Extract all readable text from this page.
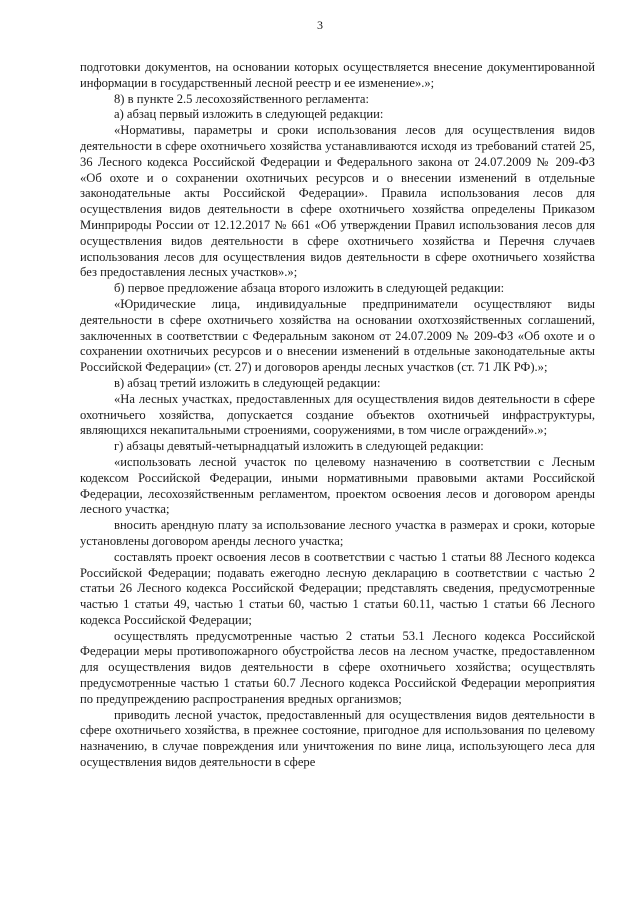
3

подготовки документов, на основании которых осуществляется внесение документированной информации в государственный лесной реестр и ее изменение».»;

8) в пункте 2.5 лесохозяйственного регламента:

а) абзац первый изложить в следующей редакции:

«Нормативы, параметры и сроки использования лесов для осуществления видов деятельности в сфере охотничьего хозяйства устанавливаются исходя из требований статей 25, 36 Лесного кодекса Российской Федерации и Федерального закона от 24.07.2009 № 209-ФЗ «Об охоте и о сохранении охотничьих ресурсов и о внесении изменений в отдельные законодательные акты Российской Федерации». Правила использования лесов для осуществления видов деятельности в сфере охотничьего хозяйства определены Приказом Минприроды России от 12.12.2017 № 661 «Об утверждении Правил использования лесов для осуществления видов деятельности в сфере охотничьего хозяйства и Перечня случаев использования лесов для осуществления видов деятельности в сфере охотничьего хозяйства без предоставления лесных участков».»;

б) первое предложение абзаца второго изложить в следующей редакции:

«Юридические лица, индивидуальные предприниматели осуществляют виды деятельности в сфере охотничьего хозяйства на основании охотхозяйственных соглашений, заключенных в соответствии с Федеральным законом от 24.07.2009 № 209-ФЗ «Об охоте и о сохранении охотничьих ресурсов и о внесении изменений в отдельные законодательные акты Российской Федерации» (ст. 27) и договоров аренды лесных участков (ст. 71 ЛК РФ).»;

в) абзац третий изложить в следующей редакции:

«На лесных участках, предоставленных для осуществления видов деятельности в сфере охотничьего хозяйства, допускается создание объектов охотничьей инфраструктуры, являющихся некапитальными строениями, сооружениями, в том числе ограждений».»;

г) абзацы девятый-четырнадцатый изложить в следующей редакции:

«использовать лесной участок по целевому назначению в соответствии с Лесным кодексом Российской Федерации, иными нормативными правовыми актами Российской Федерации, лесохозяйственным регламентом, проектом освоения лесов и договором аренды лесного участка;

вносить арендную плату за использование лесного участка в размерах и сроки, которые установлены договором аренды лесного участка;

составлять проект освоения лесов в соответствии с частью 1 статьи 88 Лесного кодекса Российской Федерации; подавать ежегодно лесную декларацию в соответствии с частью 2 статьи 26 Лесного кодекса Российской Федерации; представлять сведения, предусмотренные частью 1 статьи 49, частью 1 статьи 60, частью 1 статьи 60.11, частью 1 статьи 66 Лесного кодекса Российской Федерации;

осуществлять предусмотренные частью 2 статьи 53.1 Лесного кодекса Российской Федерации меры противопожарного обустройства лесов на лесном участке, предоставленном для осуществления видов деятельности в сфере охотничьего хозяйства; осуществлять предусмотренные частью 1 статьи 60.7 Лесного кодекса Российской Федерации мероприятия по предупреждению распространения вредных организмов;

приводить лесной участок, предоставленный для осуществления видов деятельности в сфере охотничьего хозяйства, в прежнее состояние, пригодное для использования по целевому назначению, в случае повреждения или уничтожения по вине лица, использующего леса для осуществления видов деятельности в сфере
